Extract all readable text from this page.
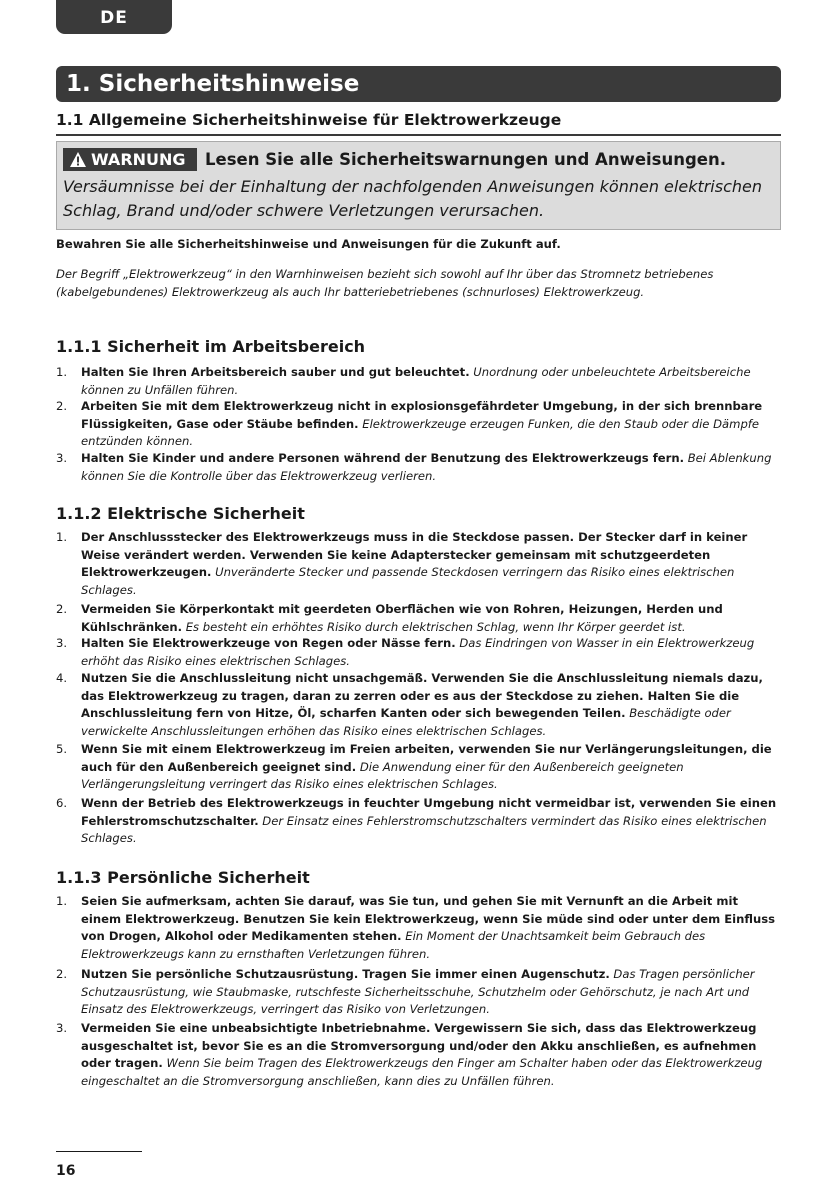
DE
1. Sicherheitshinweise
1.1 Allgemeine Sicherheitshinweise für Elektrowerkzeuge
WARNUNG Lesen Sie alle Sicherheitswarnungen und Anweisungen.
Versäumnisse bei der Einhaltung der nachfolgenden Anweisungen können elektrischen Schlag, Brand und/oder schwere Verletzungen verursachen.
Bewahren Sie alle Sicherheitshinweise und Anweisungen für die Zukunft auf.
Der Begriff „Elektrowerkzeug“ in den Warnhinweisen bezieht sich sowohl auf Ihr über das Stromnetz betriebenes (kabelgebundenes) Elektrowerkzeug als auch Ihr batteriebetriebenes (schnurloses) Elektrowerkzeug.
1.1.1 Sicherheit im Arbeitsbereich
1.	Halten Sie Ihren Arbeitsbereich sauber und gut beleuchtet. Unordnung oder unbeleuchtete Arbeitsbereiche können zu Unfällen führen.
2.	Arbeiten Sie mit dem Elektrowerkzeug nicht in explosionsgefährdeter Umgebung, in der sich brennbare Flüssigkeiten, Gase oder Stäube befinden. Elektrowerkzeuge erzeugen Funken, die den Staub oder die Dämpfe entzünden können.
3.	Halten Sie Kinder und andere Personen während der Benutzung des Elektrowerkzeugs fern. Bei Ablenkung können Sie die Kontrolle über das Elektrowerkzeug verlieren.
1.1.2 Elektrische Sicherheit
1.	Der Anschlussstecker des Elektrowerkzeugs muss in die Steckdose passen. Der Stecker darf in keiner Weise verändert werden. Verwenden Sie keine Adapterstecker gemeinsam mit schutzgeerdeten Elektrowerkzeugen. Unveränderte Stecker und passende Steckdosen verringern das Risiko eines elektrischen Schlages.
2.	Vermeiden Sie Körperkontakt mit geerdeten Oberflächen wie von Rohren, Heizungen, Herden und Kühlschränken. Es besteht ein erhöhtes Risiko durch elektrischen Schlag, wenn Ihr Körper geerdet ist.
3.	Halten Sie Elektrowerkzeuge von Regen oder Nässe fern. Das Eindringen von Wasser in ein Elektrowerkzeug erhöht das Risiko eines elektrischen Schlages.
4.	Nutzen Sie die Anschlussleitung nicht unsachgemäß. Verwenden Sie die Anschlussleitung niemals dazu, das Elektrowerkzeug zu tragen, daran zu zerren oder es aus der Steckdose zu ziehen. Halten Sie die Anschlussleitung fern von Hitze, Öl, scharfen Kanten oder sich bewegenden Teilen. Beschädigte oder verwickelte Anschlussleitungen erhöhen das Risiko eines elektrischen Schlages.
5.	Wenn Sie mit einem Elektrowerkzeug im Freien arbeiten, verwenden Sie nur Verlängerungsleitungen, die auch für den Außenbereich geeignet sind. Die Anwendung einer für den Außenbereich geeigneten Verlängerungsleitung verringert das Risiko eines elektrischen Schlages.
6.	Wenn der Betrieb des Elektrowerkzeugs in feuchter Umgebung nicht vermeidbar ist, verwenden Sie einen Fehlerstromschutzschalter. Der Einsatz eines Fehlerstromschutzschalters vermindert das Risiko eines elektrischen Schlages.
1.1.3 Persönliche Sicherheit
1.	Seien Sie aufmerksam, achten Sie darauf, was Sie tun, und gehen Sie mit Vernunft an die Arbeit mit einem Elektrowerkzeug. Benutzen Sie kein Elektrowerkzeug, wenn Sie müde sind oder unter dem Einfluss von Drogen, Alkohol oder Medikamenten stehen. Ein Moment der Unachtsamkeit beim Gebrauch des Elektrowerkzeugs kann zu ernsthaften Verletzungen führen.
2.	Nutzen Sie persönliche Schutzausrüstung. Tragen Sie immer einen Augenschutz. Das Tragen persönlicher Schutzausrüstung, wie Staubmaske, rutschfeste Sicherheitsschuhe, Schutzhelm oder Gehörschutz, je nach Art und Einsatz des Elektrowerkzeugs, verringert das Risiko von Verletzungen.
3.	Vermeiden Sie eine unbeabsichtigte Inbetriebnahme. Vergewissern Sie sich, dass das Elektrowerkzeug ausgeschaltet ist, bevor Sie es an die Stromversorgung und/oder den Akku anschließen, es aufnehmen oder tragen. Wenn Sie beim Tragen des Elektrowerkzeugs den Finger am Schalter haben oder das Elektrowerkzeug eingeschaltet an die Stromversorgung anschließen, kann dies zu Unfällen führen.
16
